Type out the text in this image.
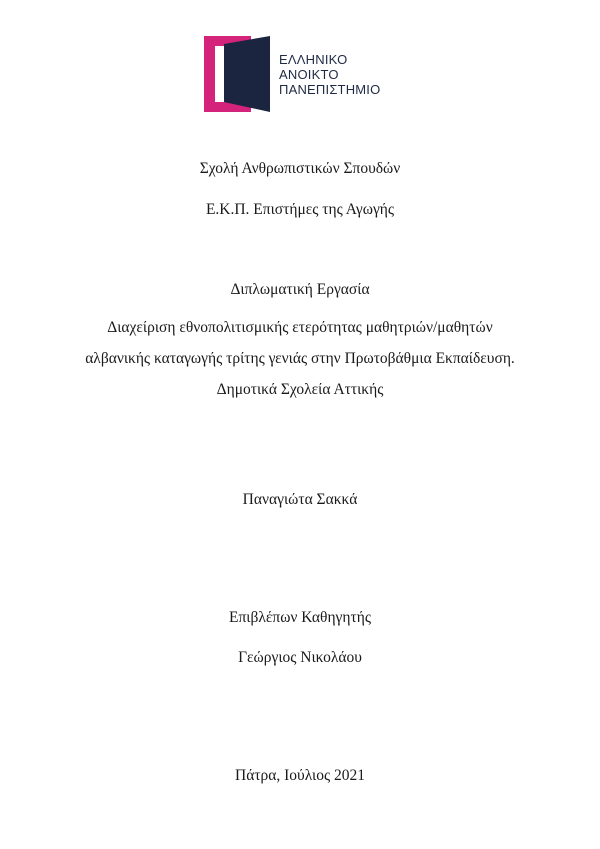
ΕΛΛΗΝΙΚΟ
ΑΝΟΙΚΤΟ
ΠΑΝΕΠΙΣΤΗΜΙΟ
Σχολή Ανθρωπιστικών Σπουδών
Ε.Κ.Π. Επιστήμες της Αγωγής
Διπλωματική Εργασία
Διαχείριση εθνοπολιτισμικής ετερότητας μαθητριών/μαθητών
αλβανικής καταγωγής τρίτης γενιάς στην Πρωτοβάθμια Εκπαίδευση.
Δημοτικά Σχολεία Αττικής
Παναγιώτα Σακκά
Επιβλέπων Καθηγητής
Γεώργιος Νικολάου
Πάτρα, Ιούλιος 2021
